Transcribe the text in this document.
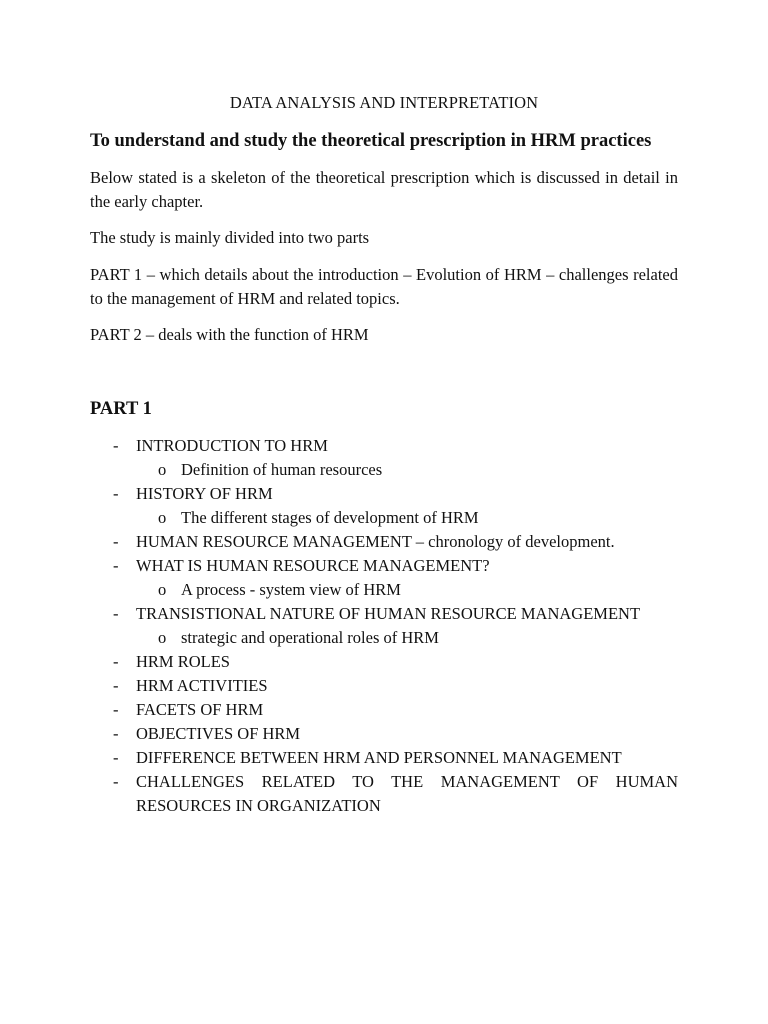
DATA ANALYSIS AND INTERPRETATION
To understand and study the theoretical prescription in HRM practices
Below stated is a skeleton of the theoretical prescription which is discussed in detail in the early chapter.
The study is mainly divided into two parts
PART 1 – which details about the introduction – Evolution of HRM – challenges related to the management of HRM and related topics.
PART 2 – deals with the function of HRM
PART 1
- INTRODUCTION TO HRM
o Definition of human resources
- HISTORY OF HRM
o The different stages of development of HRM
- HUMAN RESOURCE MANAGEMENT – chronology of development.
- WHAT IS HUMAN RESOURCE MANAGEMENT?
o A process - system view of HRM
- TRANSISTIONAL NATURE OF HUMAN RESOURCE MANAGEMENT
o strategic and operational roles of HRM
- HRM ROLES
- HRM ACTIVITIES
- FACETS OF HRM
- OBJECTIVES OF HRM
- DIFFERENCE BETWEEN HRM AND PERSONNEL MANAGEMENT
- CHALLENGES RELATED TO THE MANAGEMENT OF HUMAN RESOURCES IN ORGANIZATION
